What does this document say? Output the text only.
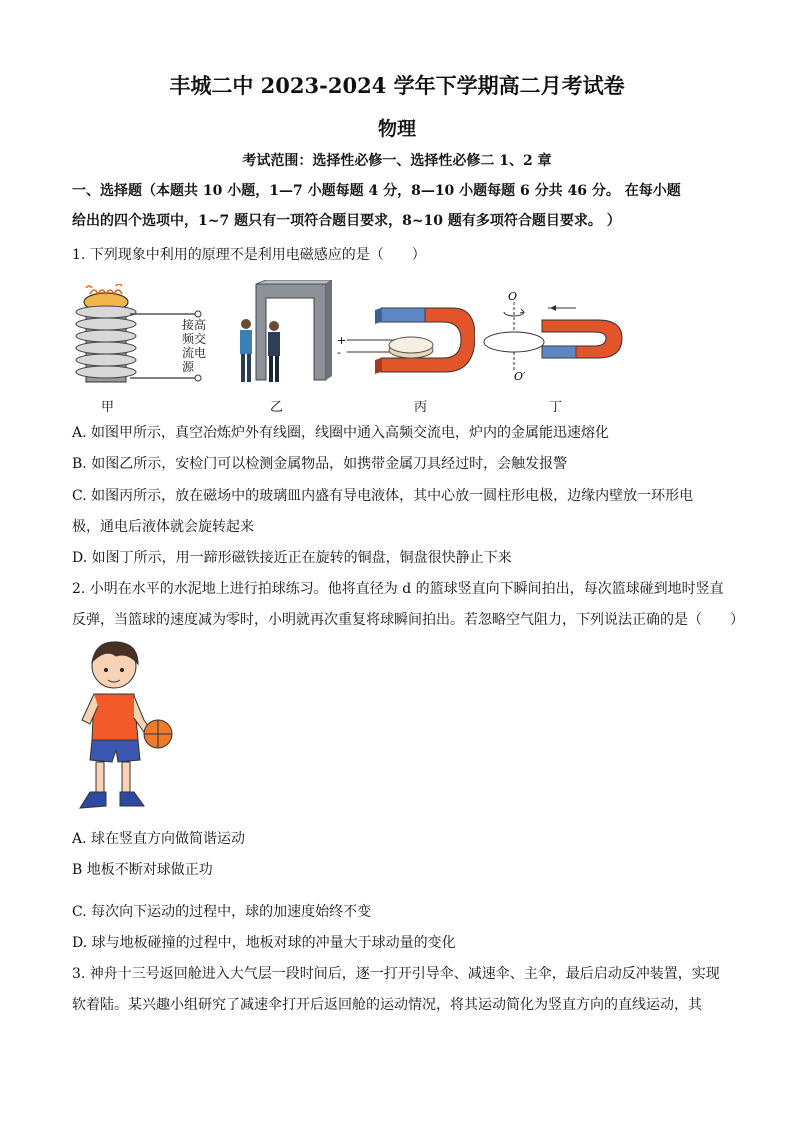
丰城二中 2023-2024 学年下学期高二月考试卷
物理
考试范围：选择性必修一、选择性必修二 1、2 章
一、选择题（本题共 10 小题，1—7 小题每题 4 分，8—10 小题每题 6 分共 46 分。 在每小题
给出的四个选项中，1~7 题只有一项符合题目要求，8~10 题有多项符合题目要求。 ）
1. 下列现象中利用的原理不是利用电磁感应的是（　　）
接高
频交
流电
源
+
-
O
O′
甲	乙	丙	丁
A. 如图甲所示，真空冶炼炉外有线圈，线圈中通入高频交流电，炉内的金属能迅速熔化
B. 如图乙所示，安检门可以检测金属物品，如携带金属刀具经过时，会触发报警
C. 如图丙所示，放在磁场中的玻璃皿内盛有导电液体，其中心放一圆柱形电极，边缘内壁放一环形电
极，通电后液体就会旋转起来
D. 如图丁所示，用一蹄形磁铁接近正在旋转的铜盘，铜盘很快静止下来
2. 小明在水平的水泥地上进行拍球练习。他将直径为 d 的篮球竖直向下瞬间拍出，每次篮球碰到地时竖直
反弹，当篮球的速度减为零时，小明就再次重复将球瞬间拍出。若忽略空气阻力，下列说法正确的是（　　）
A. 球在竖直方向做简谐运动
B 地板不断对球做正功
C. 每次向下运动的过程中，球的加速度始终不变
D. 球与地板碰撞的过程中，地板对球的冲量大于球动量的变化
3. 神舟十三号返回舱进入大气层一段时间后，逐一打开引导伞、减速伞、主伞，最后启动反冲装置，实现
软着陆。某兴趣小组研究了减速伞打开后返回舱的运动情况，将其运动简化为竖直方向的直线运动，其
